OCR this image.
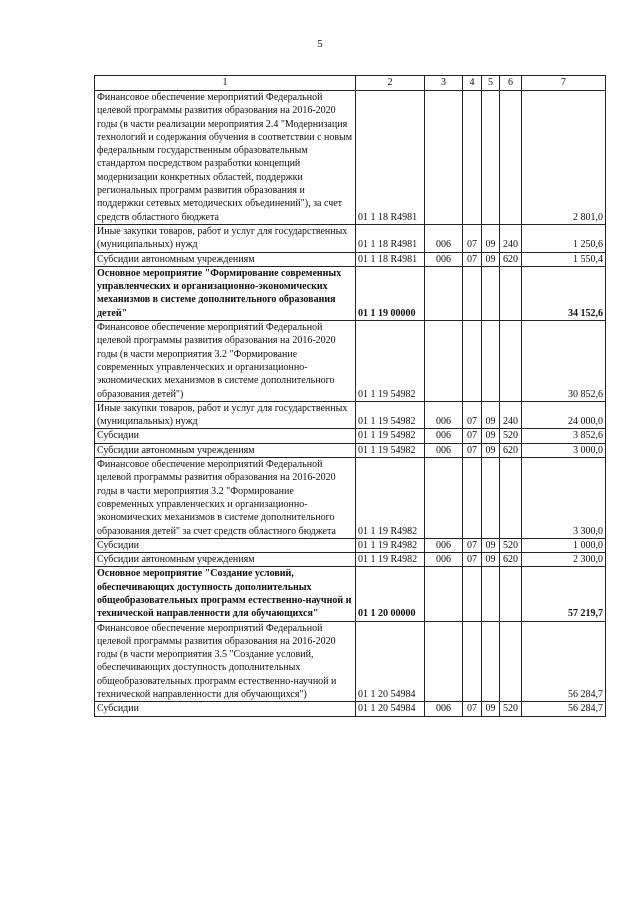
5
1	2	3	4	5	6	7
Финансовое обеспечение мероприятий Федеральной целевой программы развития образования на 2016-2020 годы (в части реализации мероприятия 2.4 "Модернизация технологий и содержания обучения в соответствии с новым федеральным государственным образовательным стандартом посредством разработки концепций модернизации конкретных областей, поддержки региональных программ развития образования и поддержки сетевых методических объединений"), за счет средств областного бюджета	01 1 18 R4981					2 801,0
Иные закупки товаров, работ и услуг для государственных (муниципальных) нужд	01 1 18 R4981	006	07	09	240	1 250,6
Субсидии автономным учреждениям	01 1 18 R4981	006	07	09	620	1 550,4
Основное мероприятие "Формирование современных управленческих и организационно-экономических механизмов в системе дополнительного образования детей"	01 1 19 00000					34 152,6
Финансовое обеспечение мероприятий Федеральной целевой программы развития образования на 2016-2020 годы (в части мероприятия 3.2 "Формирование современных управленческих и организационно-экономических механизмов в системе дополнительного образования детей")	01 1 19 54982					30 852,6
Иные закупки товаров, работ и услуг для государственных (муниципальных) нужд	01 1 19 54982	006	07	09	240	24 000,0
Субсидии	01 1 19 54982	006	07	09	520	3 852,6
Субсидии автономным учреждениям	01 1 19 54982	006	07	09	620	3 000,0
Финансовое обеспечение мероприятий Федеральной целевой программы развития образования на 2016-2020 годы в части мероприятия 3.2 "Формирование современных управленческих и организационно-экономических механизмов в системе дополнительного образования детей" за счет средств областного бюджета	01 1 19 R4982					3 300,0
Субсидии	01 1 19 R4982	006	07	09	520	1 000,0
Субсидии автономным учреждениям	01 1 19 R4982	006	07	09	620	2 300,0
Основное мероприятие "Создание условий, обеспечивающих доступность дополнительных общеобразовательных программ естественно-научной и технической направленности для обучающихся"	01 1 20 00000					57 219,7
Финансовое обеспечение мероприятий Федеральной целевой программы развития образования на 2016-2020 годы (в части мероприятия 3.5 "Создание условий, обеспечивающих доступность дополнительных общеобразовательных программ естественно-научной и технической направленности для обучающихся")	01 1 20 54984					56 284,7
Субсидии	01 1 20 54984	006	07	09	520	56 284,7
